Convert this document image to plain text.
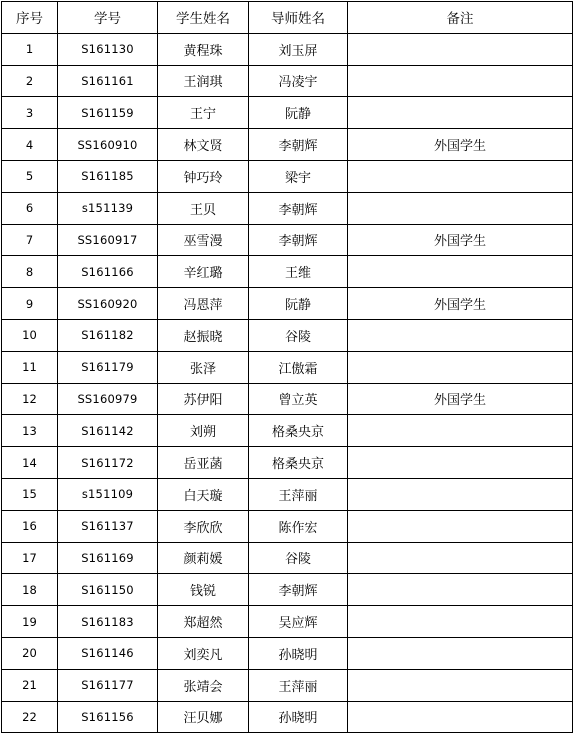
序号	学号	学生姓名	导师姓名	备注
1	S161130	黄程珠	刘玉屏	
2	S161161	王润琪	冯凌宇	
3	S161159	王宁	阮静	
4	SS160910	林文贤	李朝辉	外国学生
5	S161185	钟巧玲	梁宇	
6	s151139	王贝	李朝辉	
7	SS160917	巫雪漫	李朝辉	外国学生
8	S161166	辛红璐	王维	
9	SS160920	冯恩萍	阮静	外国学生
10	S161182	赵振晓	谷陵	
11	S161179	张泽	江傲霜	
12	SS160979	苏伊阳	曾立英	外国学生
13	S161142	刘朔	格桑央京	
14	S161172	岳亚菡	格桑央京	
15	s151109	白天璇	王萍丽	
16	S161137	李欣欣	陈作宏	
17	S161169	颜莉媛	谷陵	
18	S161150	钱锐	李朝辉	
19	S161183	郑超然	吴应辉	
20	S161146	刘奕凡	孙晓明	
21	S161177	张靖会	王萍丽	
22	S161156	汪贝娜	孙晓明	
